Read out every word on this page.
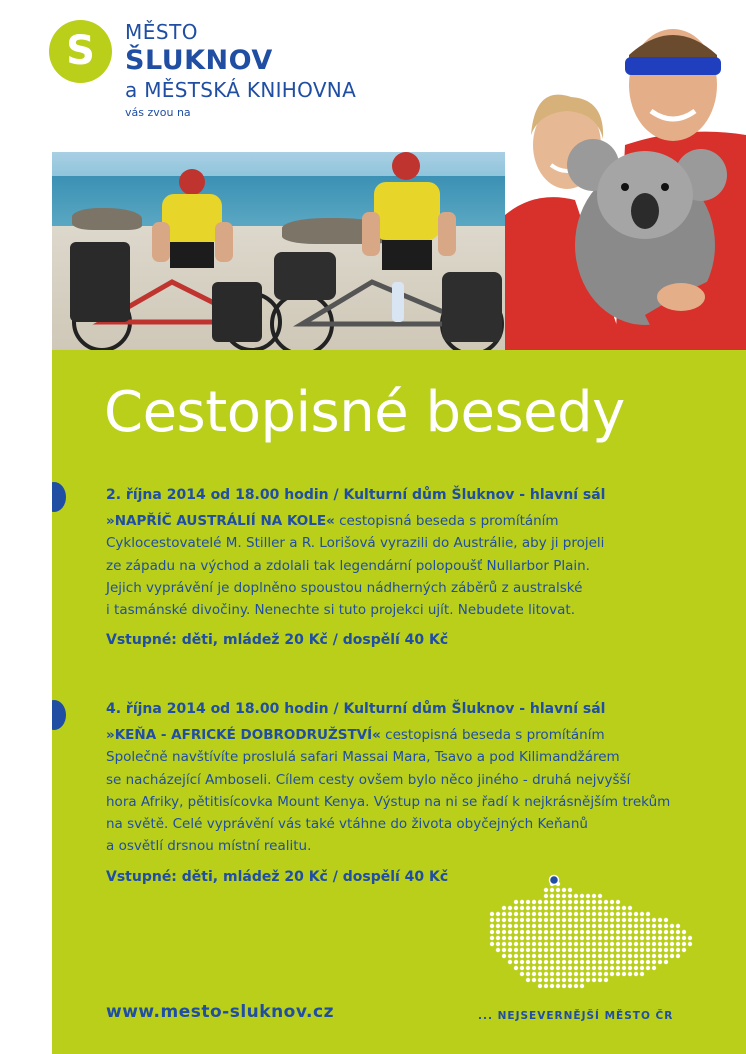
S MĚSTO
ŠLUKNOV
a MĚSTSKÁ KNIHOVNA
vás zvou na
Cestopisné besedy
2. října 2014 od 18.00 hodin / Kulturní dům Šluknov - hlavní sál
»NAPŘÍČ AUSTRÁLIÍ NA KOLE« cestopisná beseda s promítáním
Cyklocestovatelé M. Stiller a R. Lorišová vyrazili do Austrálie, aby ji projeli
ze západu na východ a zdolali tak legendární polopoušť Nullarbor Plain.
Jejich vyprávění je doplněno spoustou nádherných záběrů z australské
i tasmánské divočiny. Nenechte si tuto projekci ujít. Nebudete litovat.
Vstupné: děti, mládež 20 Kč / dospělí 40 Kč
4. října 2014 od 18.00 hodin / Kulturní dům Šluknov - hlavní sál
»KEŇA - AFRICKÉ DOBRODRUŽSTVÍ« cestopisná beseda s promítáním
Společně navštívíte proslulá safari Massai Mara, Tsavo a pod Kilimandžárem
se nacházející Amboseli. Cílem cesty ovšem bylo něco jiného - druhá nejvyšší
hora Afriky, pětitisícovka Mount Kenya. Výstup na ni se řadí k nejkrásnějším trekům
na světě. Celé vyprávění vás také vtáhne do života obyčejných Keňanů
a osvětlí drsnou místní realitu.
Vstupné: děti, mládež 20 Kč / dospělí 40 Kč
www.mesto-sluknov.cz	... NEJSEVERNĚJŠÍ MĚSTO ČR
